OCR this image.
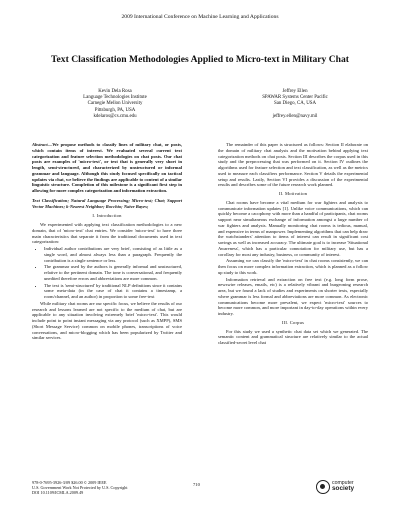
2009 International Conference on Machine Learning and Applications
Text Classification Methodologies Applied to Micro-text in Military Chat
Kevin Dela Rosa
Language Technologies Institute
Carnegie Mellon University
Pittsburgh, PA, USA
kdelaros@cs.cmu.edu
Jeffrey Ellen
SPAWAR Systems Center Pacific
San Diego, CA, USA
jeffrey.ellen@navy.mil
Abstract—We propose methods to classify lines of military chat, or posts, which contain items of interest. We evaluated several current text categorization and feature selection methodologies on chat posts. Our chat posts are examples of 'micro-text', or text that is generally very short in length, semi-structured, and characterized by unstructured or informal grammar and language. Although this study focused specifically on tactical updates via chat, we believe the findings are applicable to content of a similar linguistic structure. Completion of this milestone is a significant first step in allowing for more complex categorization and information extraction.
Text Classification; Natural Language Processing; Micro-text; Chat; Support Vector Machines; k-Nearest Neighbor; Rocchio; Naïve Bayes;
I. Introduction

We experimented with applying text classification methodologies to a new domain, that of 'micro-text' chat entries. We consider 'micro-text' to have three main characteristics that separate it from the traditional documents used in text categorization:

• Individual author contributions are very brief, consisting of as little as a single word, and almost always less than a paragraph. Frequently the contribution is a single sentence or less.
• The grammar used by the authors is generally informal and unstructured, relative to the pertinent domain. The tone is conversational, and frequently unedited therefore errors and abbreviations are more common.
• The text is 'semi-structured' by traditional NLP definitions since it contains some meta-data (in the case of chat it contains a timestamp, a room/channel, and an author) in proportion to some free-text

While military chat rooms are our specific focus, we believe the results of our research and lessons learned are not specific to the medium of chat, but are applicable to any situation involving extremely brief 'micro-text'. This would include point to point instant messaging via any protocol (such as XMPP), SMS (Short Message Service) common on mobile phones, transcriptions of voice conversations, and micro-blogging which has been popularized by Twitter and similar services.

The remainder of this paper is structured as follows: Section II elaborate on the domain of military chat analysis and the motivation behind applying text categorization methods on chat posts. Section III describes the corpus used in this study and the preprocessing that was performed on it. Section IV outlines the algorithms used for feature selection and text classification, as well as the metrics used to measure each classifiers performance. Section V details the experimental setup and results. Lastly, Section VI provides a discussion of the experimental results and describes some of the future research work planned.

II. Motivation

Chat rooms have become a vital medium for war fighters and analysts to communicate information updates [1]. Unlike voice communications, which can quickly become a cacophony with more than a handful of participants, chat rooms support near simultaneous exchange of information amongst a large number of war fighters and analysts. Manually monitoring chat rooms is tedious, manual, and expensive in terms of manpower. Implementing algorithms that can help draw the watchstanders' attention to items of interest can result in significant cost savings as well as increased accuracy. The ultimate goal is to increase 'Situational Awareness', which has a particular connotation for military use, but has a corollary for most any industry, business, or community of interest.

Assuming we can classify the 'micro-text' in chat rooms consistently, we can then focus on more complex information extraction, which is planned as a follow up study to this work.

Information retrieval and extraction on free text (e.g. long form prose, newswire releases, emails, etc) is a relatively vibrant and burgeoning research area, but we found a lack of studies and experiments on shorter texts, especially where grammar is less formal and abbreviations are more common. As electronic communications become more prevalent, we expect 'micro-text' sources to become more common, and more important in day-to-day operations within every industry.

III. Corpus

For this study we used a synthetic chat data set which we generated. The semantic content and grammatical structure are relatively similar to the actual classified-secret level chat

978-0-7695-3926-3/09 $26.00 © 2009 IEEE
U.S. Government Work Not Protected by U.S. Copyright
DOI 10.1109/ICMLA.2009.49
710	computer
society
